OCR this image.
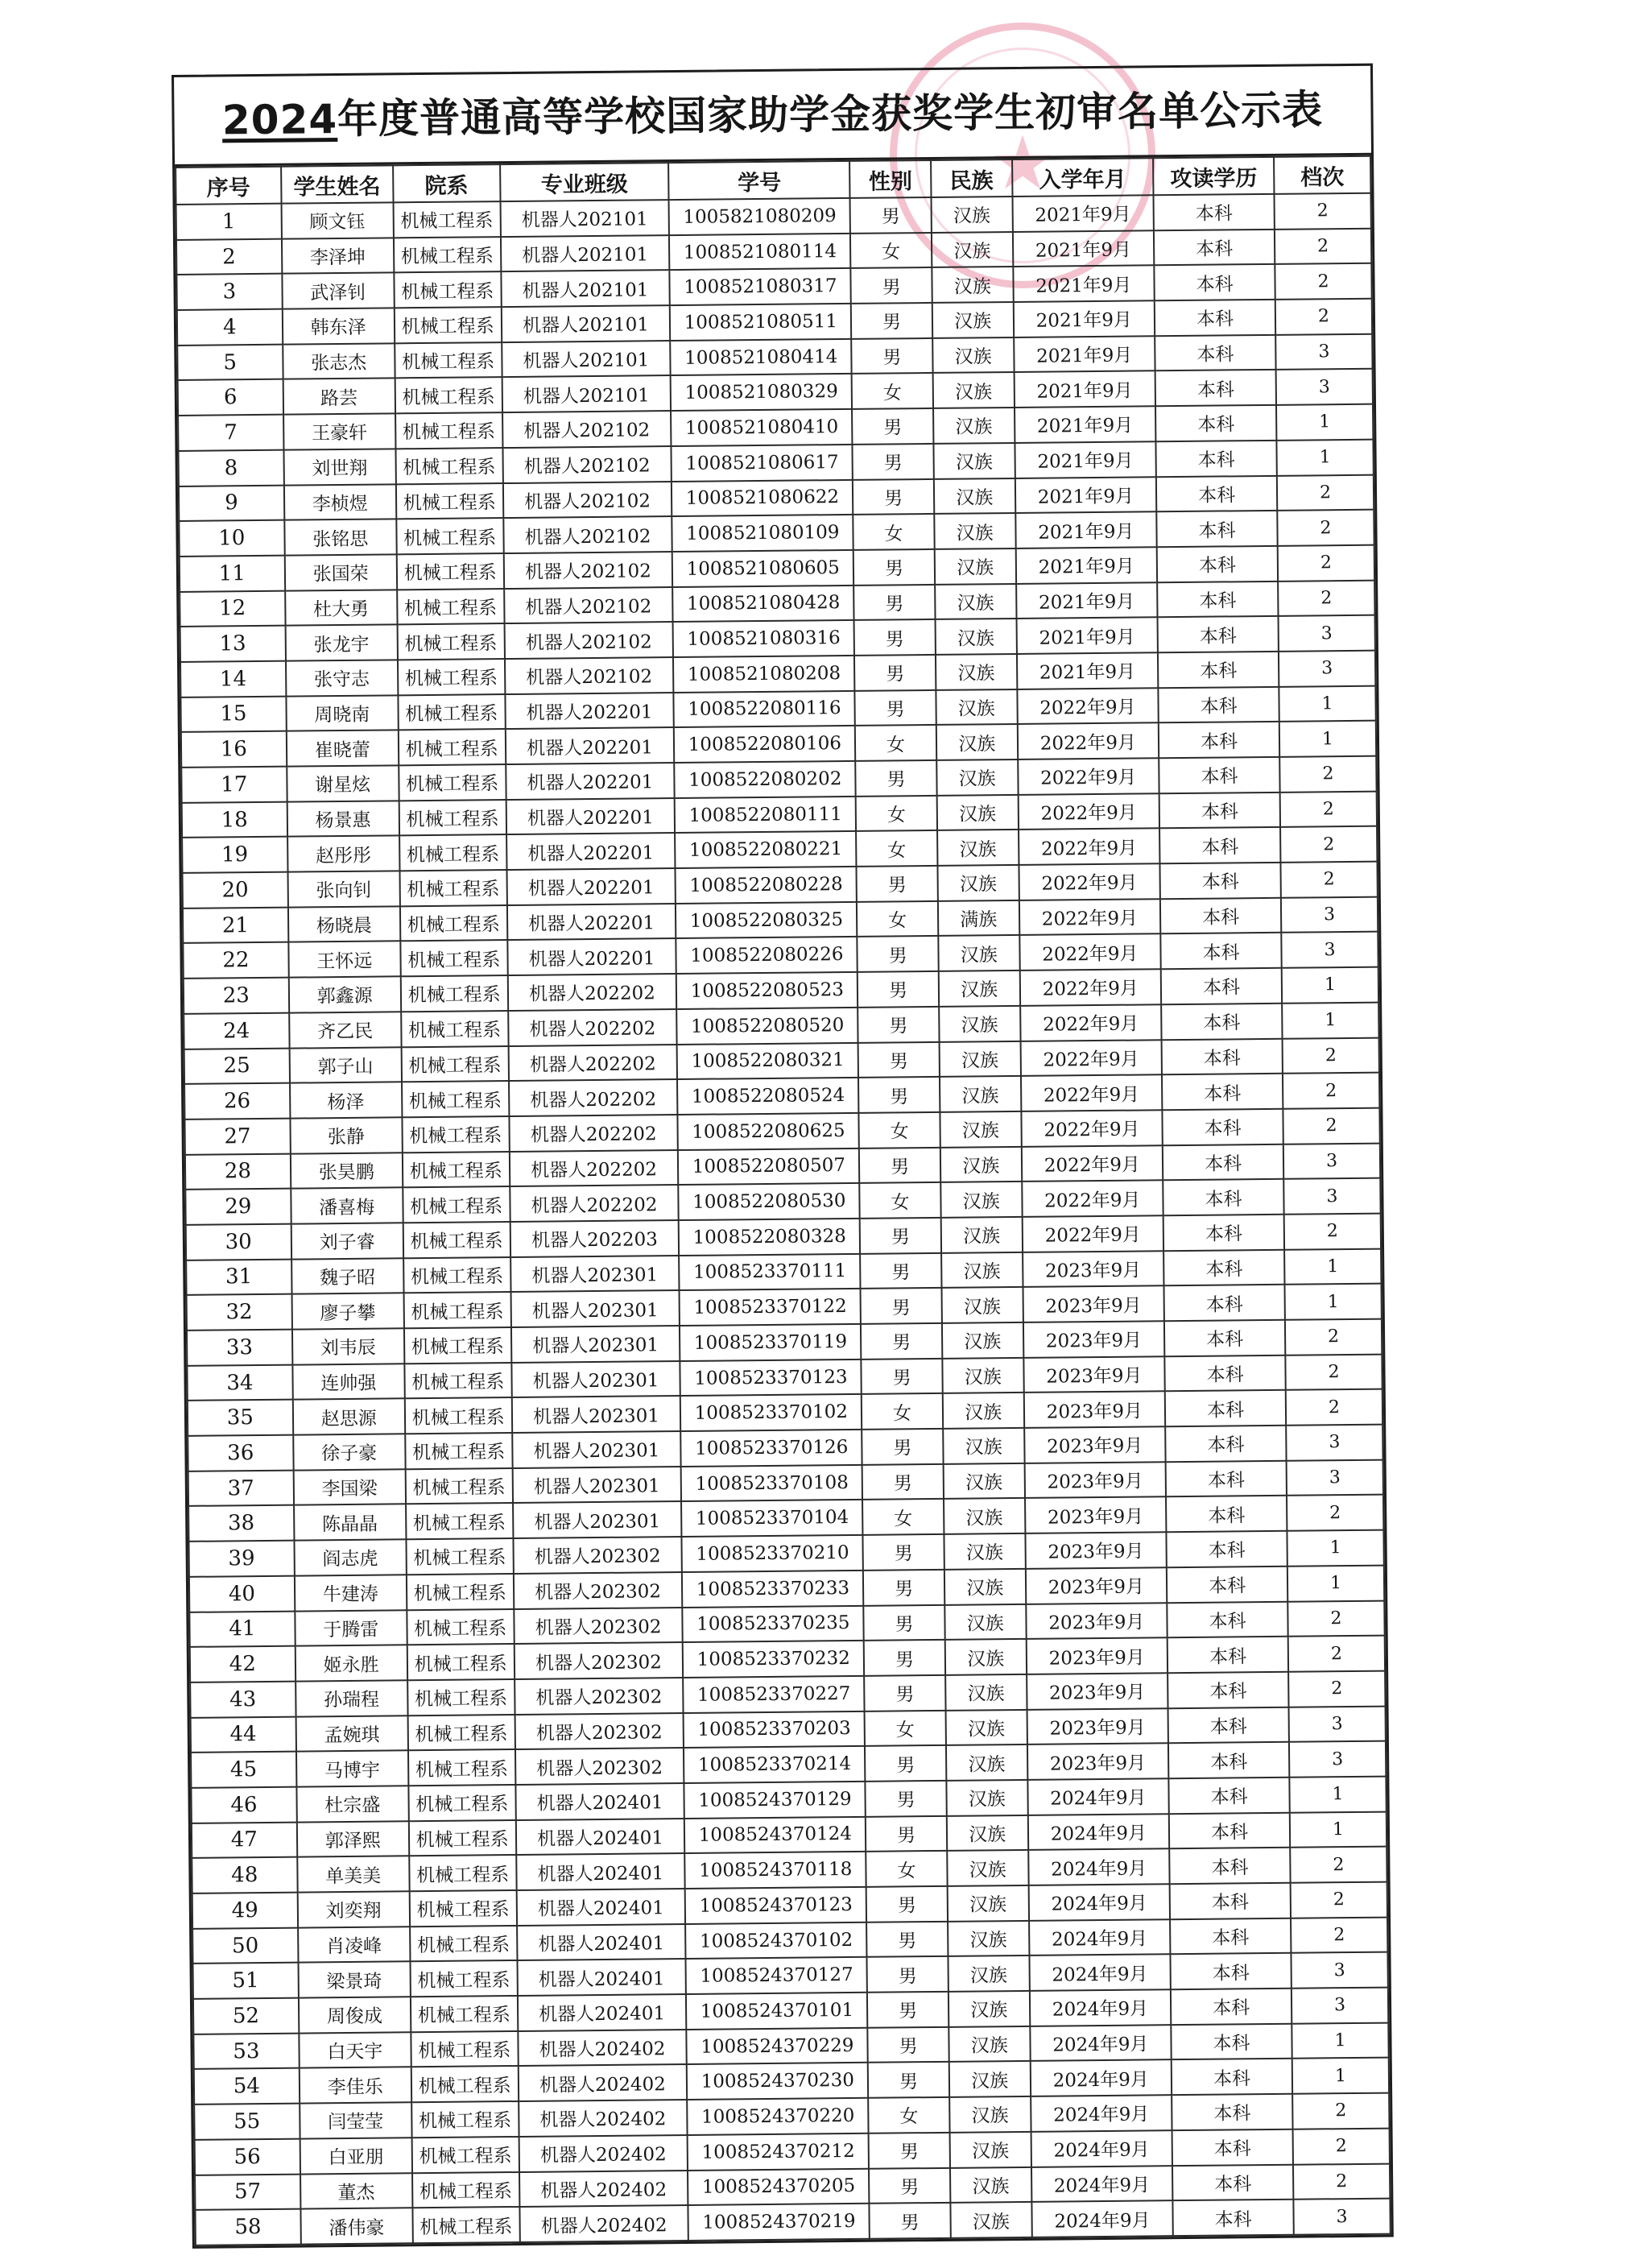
★
2024年度普通高等学校国家助学金获奖学生初审名单公示表
序号	学生姓名	院系	专业班级	学号	性别	民族	入学年月	攻读学历	档次
1	顾文钰	机械工程系	机器人202101	1005821080209	男	汉族	2021年9月	本科	2
2	李泽坤	机械工程系	机器人202101	1008521080114	女	汉族	2021年9月	本科	2
3	武泽钊	机械工程系	机器人202101	1008521080317	男	汉族	2021年9月	本科	2
4	韩东泽	机械工程系	机器人202101	1008521080511	男	汉族	2021年9月	本科	2
5	张志杰	机械工程系	机器人202101	1008521080414	男	汉族	2021年9月	本科	3
6	路芸	机械工程系	机器人202101	1008521080329	女	汉族	2021年9月	本科	3
7	王豪轩	机械工程系	机器人202102	1008521080410	男	汉族	2021年9月	本科	1
8	刘世翔	机械工程系	机器人202102	1008521080617	男	汉族	2021年9月	本科	1
9	李桢煜	机械工程系	机器人202102	1008521080622	男	汉族	2021年9月	本科	2
10	张铭思	机械工程系	机器人202102	1008521080109	女	汉族	2021年9月	本科	2
11	张国荣	机械工程系	机器人202102	1008521080605	男	汉族	2021年9月	本科	2
12	杜大勇	机械工程系	机器人202102	1008521080428	男	汉族	2021年9月	本科	2
13	张龙宇	机械工程系	机器人202102	1008521080316	男	汉族	2021年9月	本科	3
14	张守志	机械工程系	机器人202102	1008521080208	男	汉族	2021年9月	本科	3
15	周晓南	机械工程系	机器人202201	1008522080116	男	汉族	2022年9月	本科	1
16	崔晓蕾	机械工程系	机器人202201	1008522080106	女	汉族	2022年9月	本科	1
17	谢星炫	机械工程系	机器人202201	1008522080202	男	汉族	2022年9月	本科	2
18	杨景惠	机械工程系	机器人202201	1008522080111	女	汉族	2022年9月	本科	2
19	赵彤彤	机械工程系	机器人202201	1008522080221	女	汉族	2022年9月	本科	2
20	张向钊	机械工程系	机器人202201	1008522080228	男	汉族	2022年9月	本科	2
21	杨晓晨	机械工程系	机器人202201	1008522080325	女	满族	2022年9月	本科	3
22	王怀远	机械工程系	机器人202201	1008522080226	男	汉族	2022年9月	本科	3
23	郭鑫源	机械工程系	机器人202202	1008522080523	男	汉族	2022年9月	本科	1
24	齐乙民	机械工程系	机器人202202	1008522080520	男	汉族	2022年9月	本科	1
25	郭子山	机械工程系	机器人202202	1008522080321	男	汉族	2022年9月	本科	2
26	杨泽	机械工程系	机器人202202	1008522080524	男	汉族	2022年9月	本科	2
27	张静	机械工程系	机器人202202	1008522080625	女	汉族	2022年9月	本科	2
28	张昊鹏	机械工程系	机器人202202	1008522080507	男	汉族	2022年9月	本科	3
29	潘喜梅	机械工程系	机器人202202	1008522080530	女	汉族	2022年9月	本科	3
30	刘子睿	机械工程系	机器人202203	1008522080328	男	汉族	2022年9月	本科	2
31	魏子昭	机械工程系	机器人202301	1008523370111	男	汉族	2023年9月	本科	1
32	廖子攀	机械工程系	机器人202301	1008523370122	男	汉族	2023年9月	本科	1
33	刘韦辰	机械工程系	机器人202301	1008523370119	男	汉族	2023年9月	本科	2
34	连帅强	机械工程系	机器人202301	1008523370123	男	汉族	2023年9月	本科	2
35	赵思源	机械工程系	机器人202301	1008523370102	女	汉族	2023年9月	本科	2
36	徐子豪	机械工程系	机器人202301	1008523370126	男	汉族	2023年9月	本科	3
37	李国梁	机械工程系	机器人202301	1008523370108	男	汉族	2023年9月	本科	3
38	陈晶晶	机械工程系	机器人202301	1008523370104	女	汉族	2023年9月	本科	2
39	阎志虎	机械工程系	机器人202302	1008523370210	男	汉族	2023年9月	本科	1
40	牛建涛	机械工程系	机器人202302	1008523370233	男	汉族	2023年9月	本科	1
41	于腾雷	机械工程系	机器人202302	1008523370235	男	汉族	2023年9月	本科	2
42	姬永胜	机械工程系	机器人202302	1008523370232	男	汉族	2023年9月	本科	2
43	孙瑞程	机械工程系	机器人202302	1008523370227	男	汉族	2023年9月	本科	2
44	孟婉琪	机械工程系	机器人202302	1008523370203	女	汉族	2023年9月	本科	3
45	马博宇	机械工程系	机器人202302	1008523370214	男	汉族	2023年9月	本科	3
46	杜宗盛	机械工程系	机器人202401	1008524370129	男	汉族	2024年9月	本科	1
47	郭泽熙	机械工程系	机器人202401	1008524370124	男	汉族	2024年9月	本科	1
48	单美美	机械工程系	机器人202401	1008524370118	女	汉族	2024年9月	本科	2
49	刘奕翔	机械工程系	机器人202401	1008524370123	男	汉族	2024年9月	本科	2
50	肖凌峰	机械工程系	机器人202401	1008524370102	男	汉族	2024年9月	本科	2
51	梁景琦	机械工程系	机器人202401	1008524370127	男	汉族	2024年9月	本科	3
52	周俊成	机械工程系	机器人202401	1008524370101	男	汉族	2024年9月	本科	3
53	白天宇	机械工程系	机器人202402	1008524370229	男	汉族	2024年9月	本科	1
54	李佳乐	机械工程系	机器人202402	1008524370230	男	汉族	2024年9月	本科	1
55	闫莹莹	机械工程系	机器人202402	1008524370220	女	汉族	2024年9月	本科	2
56	白亚朋	机械工程系	机器人202402	1008524370212	男	汉族	2024年9月	本科	2
57	董杰	机械工程系	机器人202402	1008524370205	男	汉族	2024年9月	本科	2
58	潘伟豪	机械工程系	机器人202402	1008524370219	男	汉族	2024年9月	本科	3
